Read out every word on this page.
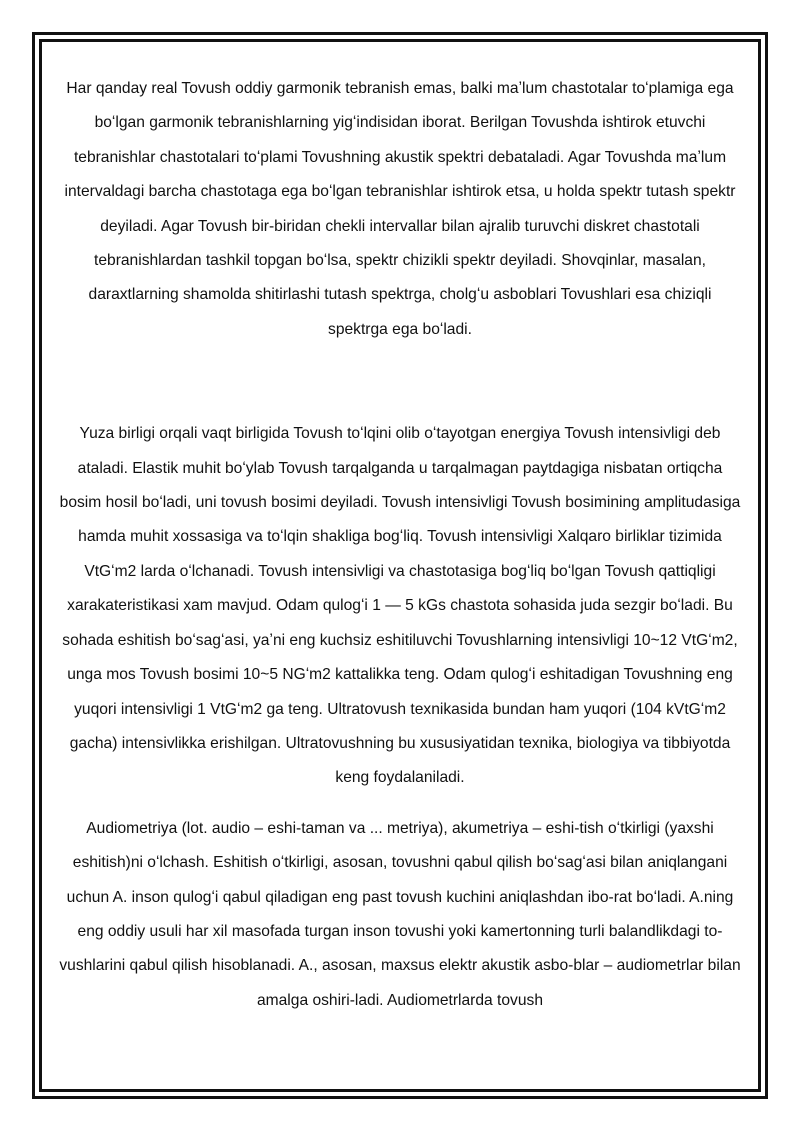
Har qanday real Tovush oddiy garmonik tebranish emas, balki maʼlum chastotalar toʻplamiga ega boʻlgan garmonik tebranishlarning yigʻindisidan iborat. Berilgan Tovushda ishtirok etuvchi tebranishlar chastotalari toʻplami Tovushning akustik spektri debataladi. Agar Tovushda maʼlum intervaldagi barcha chastotaga ega boʻlgan tebranishlar ishtirok etsa, u holda spektr tutash spektr deyiladi. Agar Tovush bir-biridan chekli intervallar bilan ajralib turuvchi diskret chastotali tebranishlardan tashkil topgan boʻlsa, spektr chizikli spektr deyiladi. Shovqinlar, masalan, daraxtlarning shamolda shitirlashi tutash spektrga, cholgʻu asboblari Tovushlari esa chiziqli spektrga ega boʻladi.

Yuza birligi orqali vaqt birligida Tovush toʻlqini olib oʻtayotgan energiya Tovush intensivligi deb ataladi. Elastik muhit boʻylab Tovush tarqalganda u tarqalmagan paytdagiga nisbatan ortiqcha bosim hosil boʻladi, uni tovush bosimi deyiladi. Tovush intensivligi Tovush bosimining amplitudasiga hamda muhit xossasiga va toʻlqin shakliga bogʻliq. Tovush intensivligi Xalqaro birliklar tizimida VtGʻm2 larda oʻlchanadi. Tovush intensivligi va chastotasiga bogʻliq boʻlgan Tovush qattiqligi xarakateristikasi xam mavjud. Odam qulogʻi 1 — 5 kGs chastota sohasida juda sezgir boʻladi. Bu sohada eshitish boʻsagʻasi, yaʼni eng kuchsiz eshitiluvchi Tovushlarning intensivligi 10~12 VtGʻm2, unga mos Tovush bosimi 10~5 NGʻm2 kattalikka teng. Odam qulogʻi eshitadigan Tovushning eng yuqori intensivligi 1 VtGʻm2 ga teng. Ultratovush texnikasida bundan ham yuqori (104 kVtGʻm2 gacha) intensivlikka erishilgan. Ultratovushning bu xususiyatidan texnika, biologiya va tibbiyotda keng foydalaniladi.

Audiometriya (lot. audio – eshi-taman va ... metriya), akumetriya – eshi-tish oʻtkirligi (yaxshi eshitish)ni oʻlchash. Eshitish oʻtkirligi, asosan, tovushni qabul qilish boʻsagʻasi bilan aniqlangani uchun A. inson qulogʻi qabul qiladigan eng past tovush kuchini aniqlashdan ibo-rat boʻladi. A.ning eng oddiy usuli har xil masofada turgan inson tovushi yoki kamertonning turli balandlikdagi to-vushlarini qabul qilish hisoblanadi. A., asosan, maxsus elektr akustik asbo-blar – audiometrlar bilan amalga oshiri-ladi. Audiometrlarda tovush
